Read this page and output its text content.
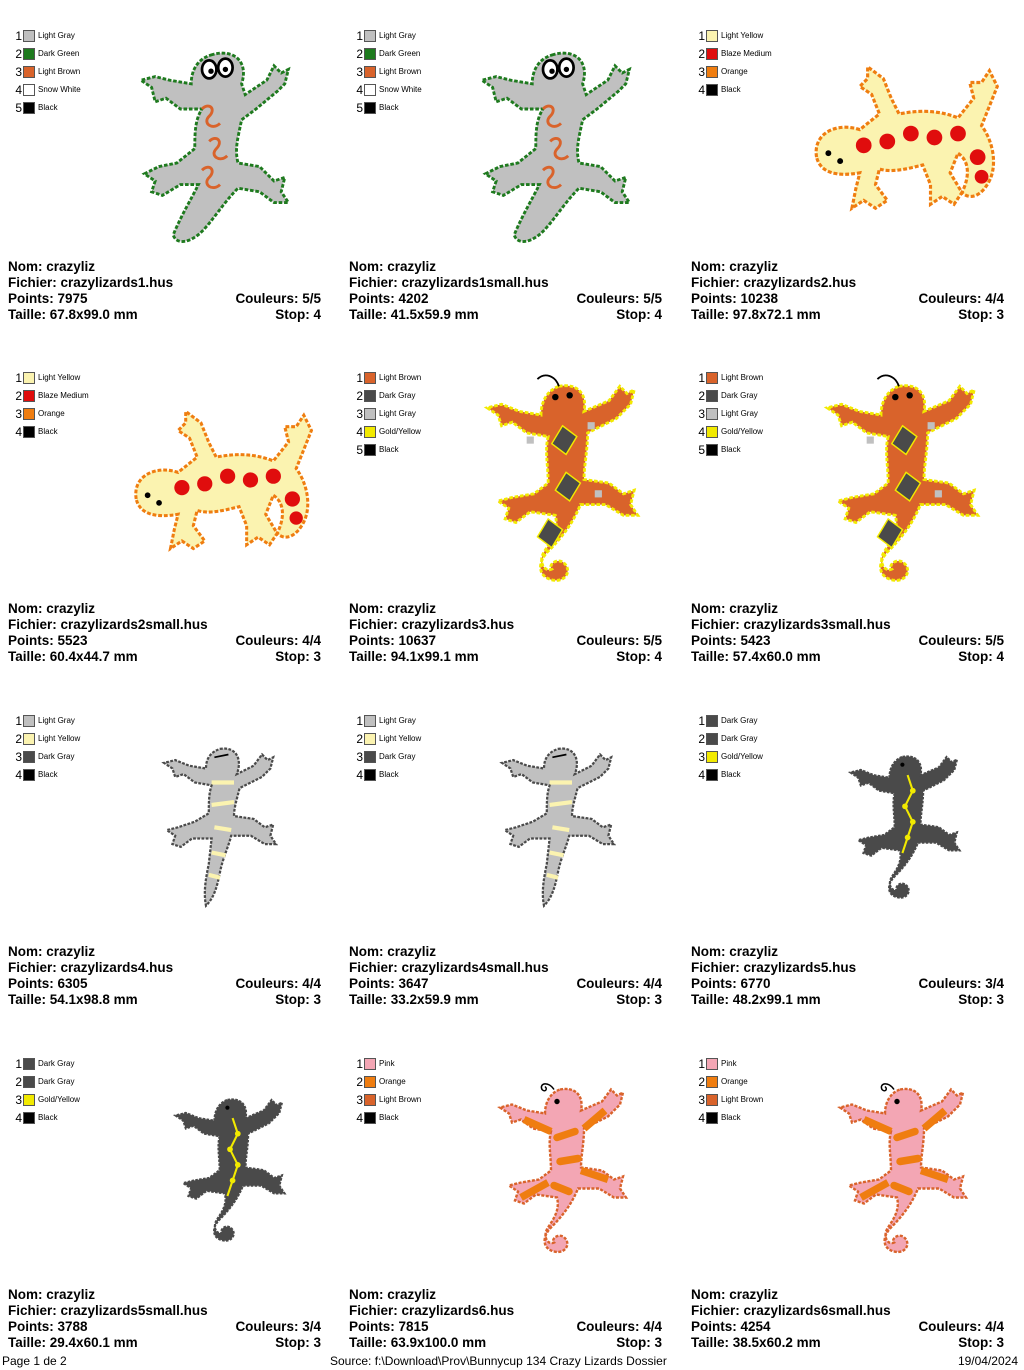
1 Light Gray
2 Dark Green
3 Light Brown
4 Snow White
5 Black
Nom: crazyliz
Fichier: crazylizards1.hus
Points: 7975	Couleurs: 5/5
Taille: 67.8x99.0 mm	Stop: 4
1 Light Gray
2 Dark Green
3 Light Brown
4 Snow White
5 Black
Nom: crazyliz
Fichier: crazylizards1small.hus
Points: 4202	Couleurs: 5/5
Taille: 41.5x59.9 mm	Stop: 4
1 Light Yellow
2 Blaze Medium
3 Orange
4 Black
Nom: crazyliz
Fichier: crazylizards2.hus
Points: 10238	Couleurs: 4/4
Taille: 97.8x72.1 mm	Stop: 3
1 Light Yellow
2 Blaze Medium
3 Orange
4 Black
Nom: crazyliz
Fichier: crazylizards2small.hus
Points: 5523	Couleurs: 4/4
Taille: 60.4x44.7 mm	Stop: 3
1 Light Brown
2 Dark Gray
3 Light Gray
4 Gold/Yellow
5 Black
Nom: crazyliz
Fichier: crazylizards3.hus
Points: 10637	Couleurs: 5/5
Taille: 94.1x99.1 mm	Stop: 4
1 Light Brown
2 Dark Gray
3 Light Gray
4 Gold/Yellow
5 Black
Nom: crazyliz
Fichier: crazylizards3small.hus
Points: 5423	Couleurs: 5/5
Taille: 57.4x60.0 mm	Stop: 4
1 Light Gray
2 Light Yellow
3 Dark Gray
4 Black
Nom: crazyliz
Fichier: crazylizards4.hus
Points: 6305	Couleurs: 4/4
Taille: 54.1x98.8 mm	Stop: 3
1 Light Gray
2 Light Yellow
3 Dark Gray
4 Black
Nom: crazyliz
Fichier: crazylizards4small.hus
Points: 3647	Couleurs: 4/4
Taille: 33.2x59.9 mm	Stop: 3
1 Dark Gray
2 Dark Gray
3 Gold/Yellow
4 Black
Nom: crazyliz
Fichier: crazylizards5.hus
Points: 6770	Couleurs: 3/4
Taille: 48.2x99.1 mm	Stop: 3
1 Dark Gray
2 Dark Gray
3 Gold/Yellow
4 Black
Nom: crazyliz
Fichier: crazylizards5small.hus
Points: 3788	Couleurs: 3/4
Taille: 29.4x60.1 mm	Stop: 3
1 Pink
2 Orange
3 Light Brown
4 Black
Nom: crazyliz
Fichier: crazylizards6.hus
Points: 7815	Couleurs: 4/4
Taille: 63.9x100.0 mm	Stop: 3
1 Pink
2 Orange
3 Light Brown
4 Black
Nom: crazyliz
Fichier: crazylizards6small.hus
Points: 4254	Couleurs: 4/4
Taille: 38.5x60.2 mm	Stop: 3
Page 1 de 2	Source: f:\Download\Prov\Bunnycup 134 Crazy Lizards Dossier	19/04/2024
